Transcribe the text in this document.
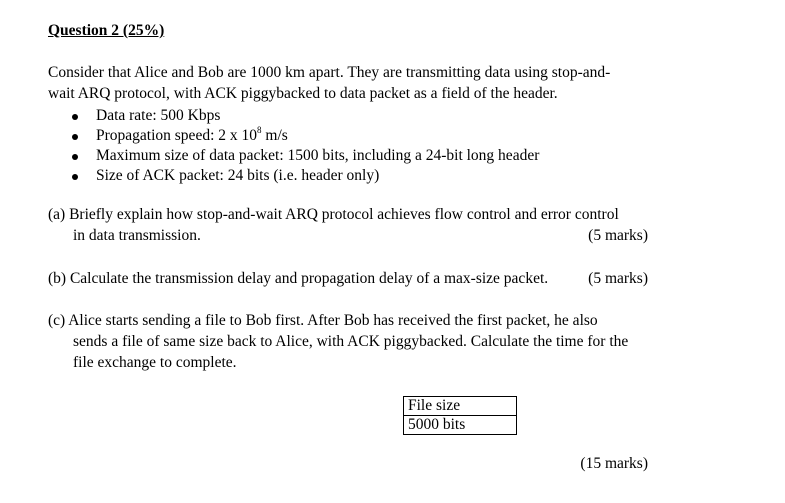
Question 2 (25%)
Consider that Alice and Bob are 1000 km apart. They are transmitting data using stop-and-
wait ARQ protocol, with ACK piggybacked to data packet as a field of the header.
Data rate: 500 Kbps
Propagation speed: 2 x $10^8$ m/s
Maximum size of data packet: 1500 bits, including a 24-bit long header
Size of ACK packet: 24 bits (i.e. header only)
(a) Briefly explain how stop-and-wait ARQ protocol achieves flow control and error control
in data transmission.	(5 marks)
(b) Calculate the transmission delay and propagation delay of a max-size packet.	(5 marks)
(c) Alice starts sending a file to Bob first. After Bob has received the first packet, he also
sends a file of same size back to Alice, with ACK piggybacked. Calculate the time for the
file exchange to complete.
File size
5000 bits
(15 marks)
